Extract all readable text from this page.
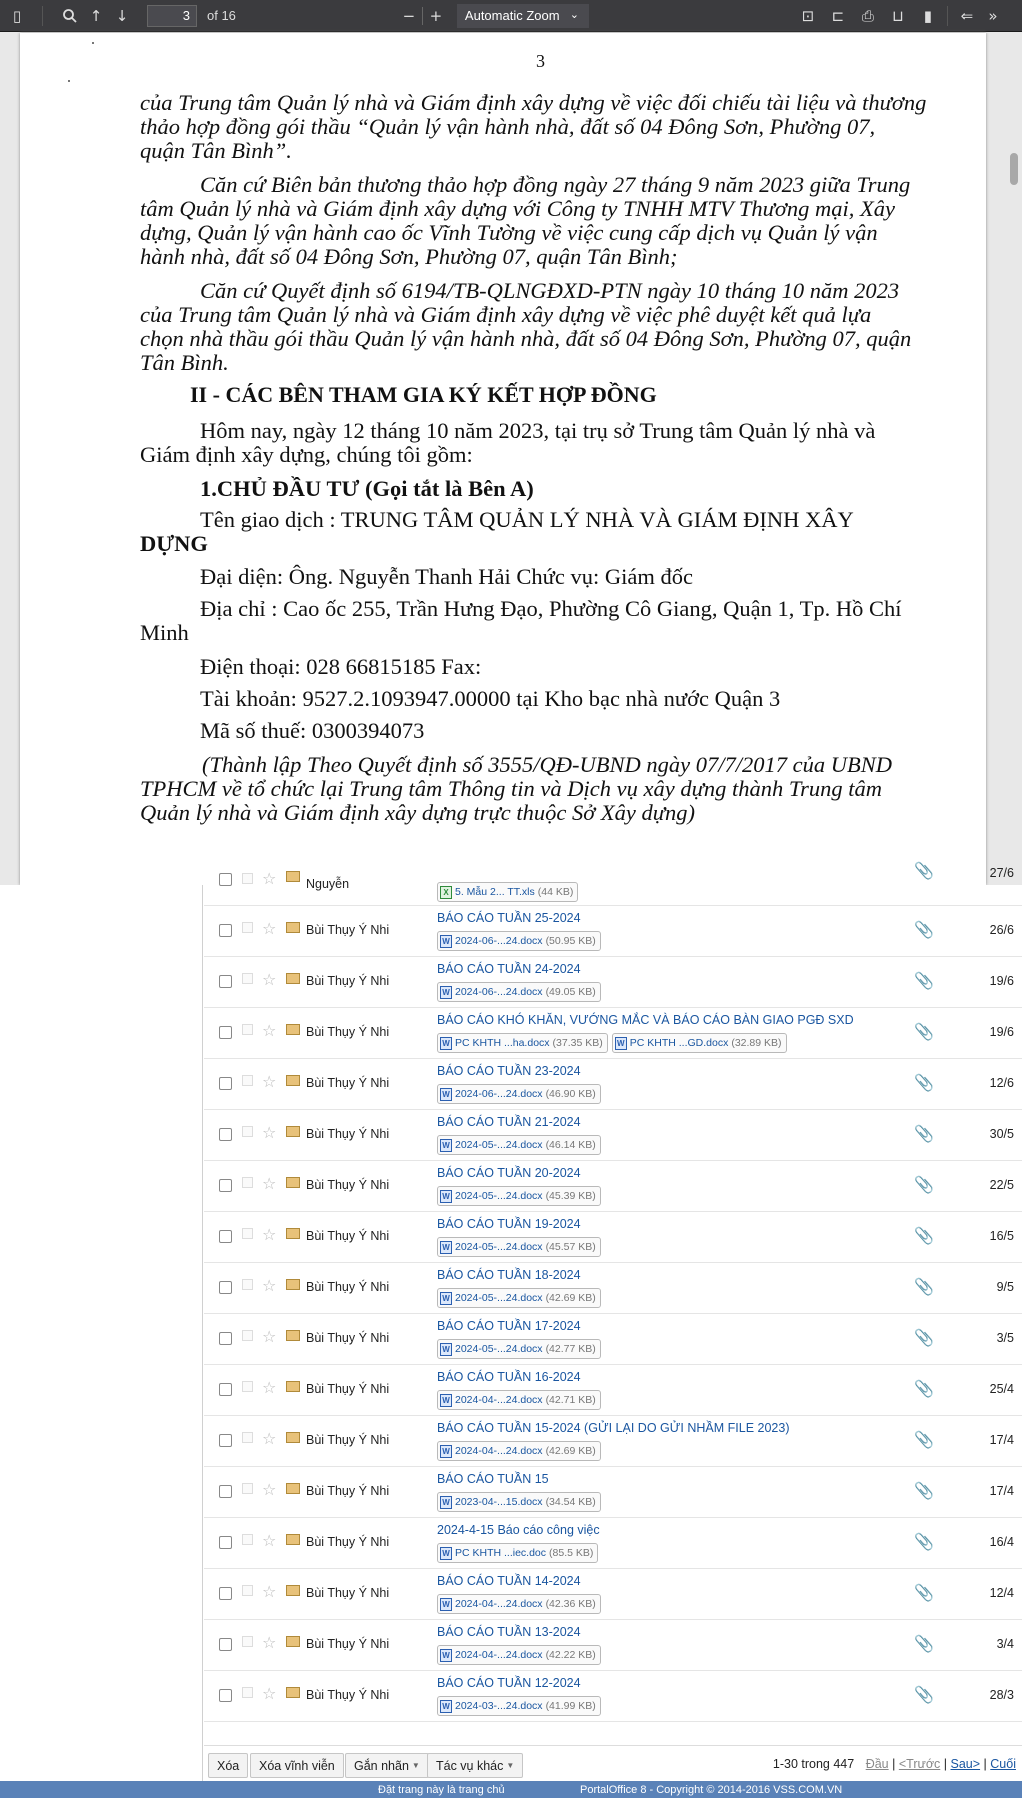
▯	↑ ↓
3	of 16	− +	Automatic Zoom ⌄	⊡	⊏	⎙	⊔	▮	⇐	»
3
của Trung tâm Quản lý nhà và Giám định xây dựng về việc đối chiếu tài liệu và thương
thảo hợp đồng gói thầu “Quản lý vận hành nhà, đất số 04 Đông Sơn, Phường 07,
quận Tân Bình”.
Căn cứ Biên bản thương thảo hợp đồng ngày 27 tháng 9 năm 2023 giữa Trung
tâm Quản lý nhà và Giám định xây dựng với Công ty TNHH MTV Thương mại, Xây
dựng, Quản lý vận hành cao ốc Vĩnh Tường về việc cung cấp dịch vụ Quản lý vận
hành nhà, đất số 04 Đông Sơn, Phường 07, quận Tân Bình;
Căn cứ Quyết định số 6194/TB-QLNGĐXD-PTN ngày 10 tháng 10 năm 2023
của Trung tâm Quản lý nhà và Giám định xây dựng về việc phê duyệt kết quả lựa
chọn nhà thầu gói thầu Quản lý vận hành nhà, đất số 04 Đông Sơn, Phường 07, quận
Tân Bình.
II - CÁC BÊN THAM GIA KÝ KẾT HỢP ĐỒNG
Hôm nay, ngày 12 tháng 10 năm 2023, tại trụ sở Trung tâm Quản lý nhà và
Giám định xây dựng, chúng tôi gồm:
1.CHỦ ĐẦU TƯ (Gọi tắt là Bên A)
Tên giao dịch : TRUNG TÂM QUẢN LÝ NHÀ VÀ GIÁM ĐỊNH XÂY
DỰNG
Đại diện: Ông. Nguyễn Thanh Hải Chức vụ: Giám đốc
Địa chỉ : Cao ốc 255, Trần Hưng Đạo, Phường Cô Giang, Quận 1, Tp. Hồ Chí
Minh
Điện thoại: 028 66815185 Fax:
Tài khoản: 9527.2.1093947.00000 tại Kho bạc nhà nước Quận 3
Mã số thuế: 0300394073
(Thành lập Theo Quyết định số 3555/QĐ-UBND ngày 07/7/2017 của UBND
TPHCM về tổ chức lại Trung tâm Thông tin và Dịch vụ xây dựng thành Trung tâm
Quản lý nhà và Giám định xây dựng trực thuộc Sở Xây dựng)
☆ Nguyễn
X 5. Mẫu 2... TT.xls (44 KB)
📎	27/6
☆ Bùi Thụy Ý Nhi
BÁO CÁO TUẦN 25-2024
W 2024-06-...24.docx (50.95 KB)
📎	26/6
☆ Bùi Thụy Ý Nhi
BÁO CÁO TUẦN 24-2024
W 2024-06-...24.docx (49.05 KB)
📎	19/6
☆ Bùi Thụy Ý Nhi
BÁO CÁO KHÓ KHĂN, VƯỚNG MẮC VÀ BÁO CÁO BÀN GIAO PGĐ SXD
W PC KHTH ...ha.docx (37.35 KB) W PC KHTH ...GD.docx (32.89 KB)
📎	19/6
☆ Bùi Thụy Ý Nhi
BÁO CÁO TUẦN 23-2024
W 2024-06-...24.docx (46.90 KB)
📎	12/6
☆ Bùi Thụy Ý Nhi
BÁO CÁO TUẦN 21-2024
W 2024-05-...24.docx (46.14 KB)
📎	30/5
☆ Bùi Thụy Ý Nhi
BÁO CÁO TUẦN 20-2024
W 2024-05-...24.docx (45.39 KB)
📎	22/5
☆ Bùi Thụy Ý Nhi
BÁO CÁO TUẦN 19-2024
W 2024-05-...24.docx (45.57 KB)
📎	16/5
☆ Bùi Thụy Ý Nhi
BÁO CÁO TUẦN 18-2024
W 2024-05-...24.docx (42.69 KB)
📎	9/5
☆ Bùi Thụy Ý Nhi
BÁO CÁO TUẦN 17-2024
W 2024-05-...24.docx (42.77 KB)
📎	3/5
☆ Bùi Thụy Ý Nhi
BÁO CÁO TUẦN 16-2024
W 2024-04-...24.docx (42.71 KB)
📎	25/4
☆ Bùi Thụy Ý Nhi
BÁO CÁO TUẦN 15-2024 (GỬI LẠI DO GỬI NHẦM FILE 2023)
W 2024-04-...24.docx (42.69 KB)
📎	17/4
☆ Bùi Thụy Ý Nhi
BÁO CÁO TUẦN 15
W 2023-04-...15.docx (34.54 KB)
📎	17/4
☆ Bùi Thụy Ý Nhi
2024-4-15 Báo cáo công việc
W PC KHTH ...iec.doc (85.5 KB)
📎	16/4
☆ Bùi Thụy Ý Nhi
BÁO CÁO TUẦN 14-2024
W 2024-04-...24.docx (42.36 KB)
📎	12/4
☆ Bùi Thụy Ý Nhi
BÁO CÁO TUẦN 13-2024
W 2024-04-...24.docx (42.22 KB)
📎	3/4
☆ Bùi Thụy Ý Nhi
BÁO CÁO TUẦN 12-2024
W 2024-03-...24.docx (41.99 KB)
📎	28/3
Xóa	Xóa vĩnh viễn	Gắn nhãn ▼ Tác vụ khác ▼	1-30 trong 447 Đầu | <Trước | Sau> | Cuối
Đặt trang này là trang chủ	PortalOffice 8 - Copyright © 2014-2016 VSS.COM.VN
